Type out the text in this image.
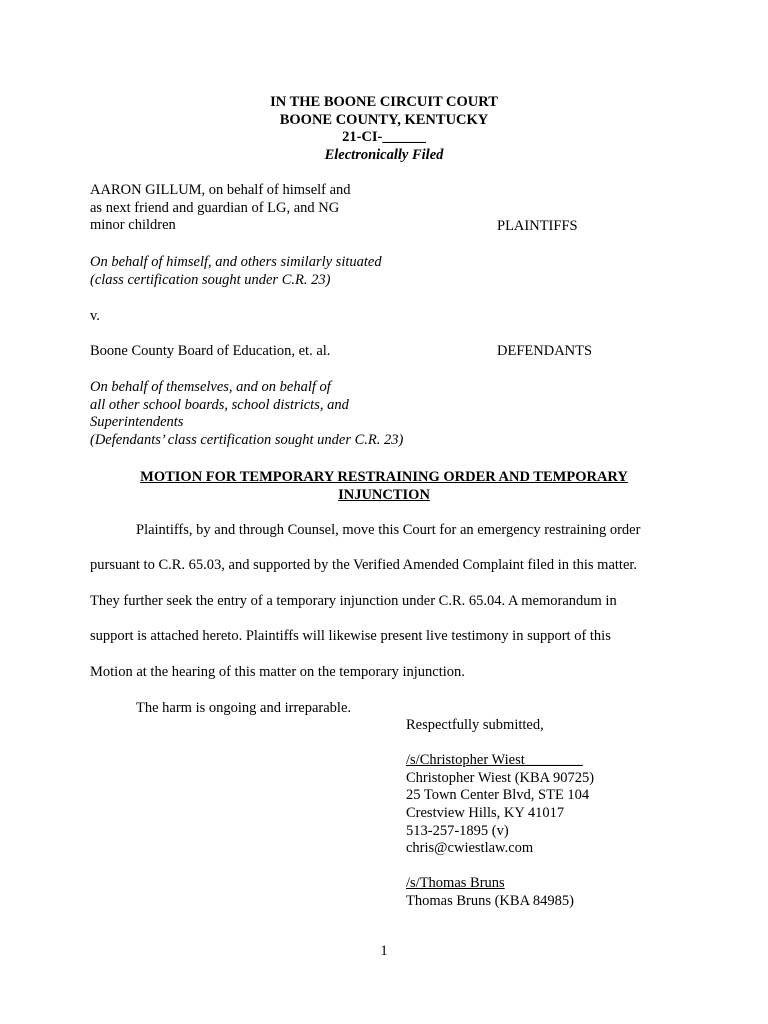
IN THE BOONE CIRCUIT COURT
BOONE COUNTY, KENTUCKY
21-CI-______
Electronically Filed
AARON GILLUM, on behalf of himself and
as next friend and guardian of LG, and NG
minor children	PLAINTIFFS
On behalf of himself, and others similarly situated
(class certification sought under C.R. 23)
v.
Boone County Board of Education, et. al.	DEFENDANTS
On behalf of themselves, and on behalf of
all other school boards, school districts, and
Superintendents
(Defendants’ class certification sought under C.R. 23)
MOTION FOR TEMPORARY RESTRAINING ORDER AND TEMPORARY
INJUNCTION
Plaintiffs, by and through Counsel, move this Court for an emergency restraining order
pursuant to C.R. 65.03, and supported by the Verified Amended Complaint filed in this matter.
They further seek the entry of a temporary injunction under C.R. 65.04. A memorandum in
support is attached hereto. Plaintiffs will likewise present live testimony in support of this
Motion at the hearing of this matter on the temporary injunction.
The harm is ongoing and irreparable.
Respectfully submitted,

/s/Christopher Wiest________
Christopher Wiest (KBA 90725)
25 Town Center Blvd, STE 104
Crestview Hills, KY 41017
513-257-1895 (v)
chris@cwiestlaw.com

/s/Thomas Bruns
Thomas Bruns (KBA 84985)
1
